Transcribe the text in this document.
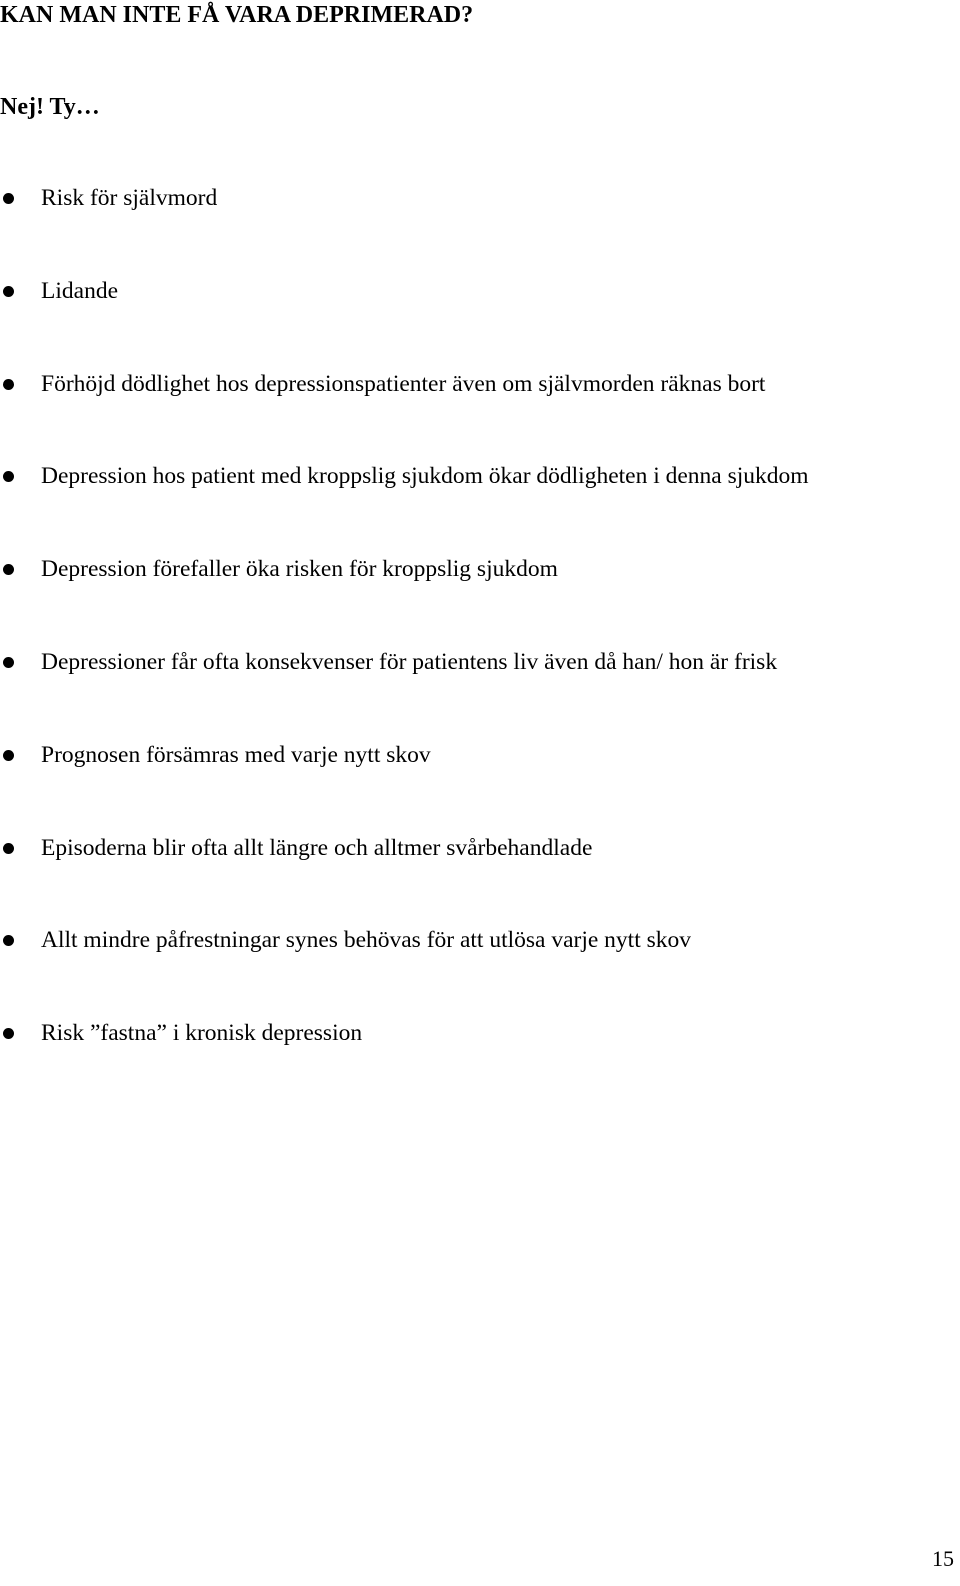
KAN MAN INTE FÅ VARA DEPRIMERAD?
Nej! Ty…
Risk för självmord
Lidande
Förhöjd dödlighet hos depressionspatienter även om självmorden räknas bort
Depression hos patient med kroppslig sjukdom ökar dödligheten i denna sjukdom
Depression förefaller öka risken för kroppslig sjukdom
Depressioner får ofta konsekvenser för patientens liv även då han/ hon är frisk
Prognosen försämras med varje nytt skov
Episoderna blir ofta allt längre och alltmer svårbehandlade
Allt mindre påfrestningar synes behövas för att utlösa varje nytt skov
Risk ”fastna” i kronisk depression
15
